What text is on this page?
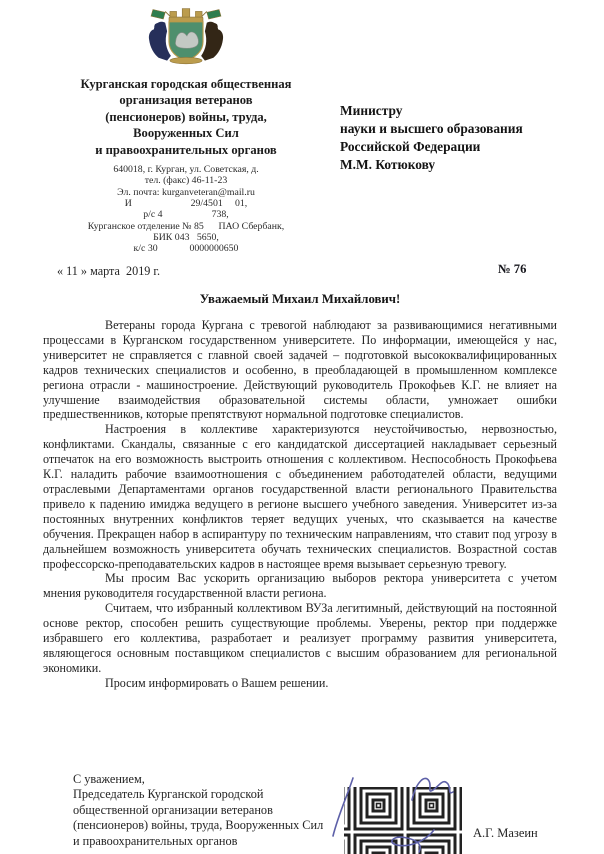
Курганская городская общественная
организация ветеранов
(пенсионеров) войны, труда,
Вооруженных Сил
и правоохранительных органов
640018, г. Курган, ул. Советская, д.
тел. (факс) 46-11-23
Эл. почта: kurganveteran@mail.ru
И                        29/4501     01,
р/с 4                    738,
Курганское отделение № 85      ПАО Сбербанк,
БИК 043   5650,
к/с 30             0000000650
Министру
науки и высшего образования
Российской Федерации
М.М. Котюкову
« 11 » марта  2019 г.	№ 76
Уважаемый Михаил Михайлович!

Ветераны города Кургана с тревогой наблюдают за развивающимися негативными процессами в Курганском государственном университете. По информации, имеющейся у нас, университет не справляется с главной своей задачей – подготовкой высококвалифицированных кадров технических специалистов и особенно, в преобладающей в промышленном комплексе региона отрасли - машиностроение. Действующий руководитель Прокофьев К.Г. не влияет на улучшение взаимодействия образовательной системы области, умножает ошибки предшественников, которые препятствуют нормальной подготовке специалистов.

Настроения в коллективе характеризуются неустойчивостью, нервозностью, конфликтами. Скандалы, связанные с его кандидатской диссертацией накладывает серьезный отпечаток на его возможность выстроить отношения с коллективом. Неспособность Прокофьева К.Г. наладить рабочие взаимоотношения с объединением работодателей области, ведущими отраслевыми Департаментами органов государственной власти регионального Правительства привело к падению имиджа ведущего в регионе высшего учебного заведения. Университет из-за постоянных внутренних конфликтов теряет ведущих ученых, что сказывается на качестве обучения. Прекращен набор в аспирантуру по техническим направлениям, что ставит под угрозу в дальнейшем возможность университета обучать технических специалистов. Возрастной состав профессорско-преподавательских кадров в настоящее время вызывает серьезную тревогу.

Мы просим Вас ускорить организацию выборов ректора университета с учетом мнения руководителя государственной власти региона.

Считаем, что избранный коллективом ВУЗа легитимный, действующий на постоянной основе ректор, способен решить существующие проблемы. Уверены, ректор при поддержке избравшего его коллектива, разработает и реализует программу развития университета, являющегося основным поставщиком специалистов с высшим образованием для региональной экономики.

Просим информировать о Вашем решении.

С уважением,
Председатель Курганской городской
общественной организации ветеранов
(пенсионеров) войны, труда, Вооруженных Сил
и правоохранительных органов
А.Г. Мазеин
